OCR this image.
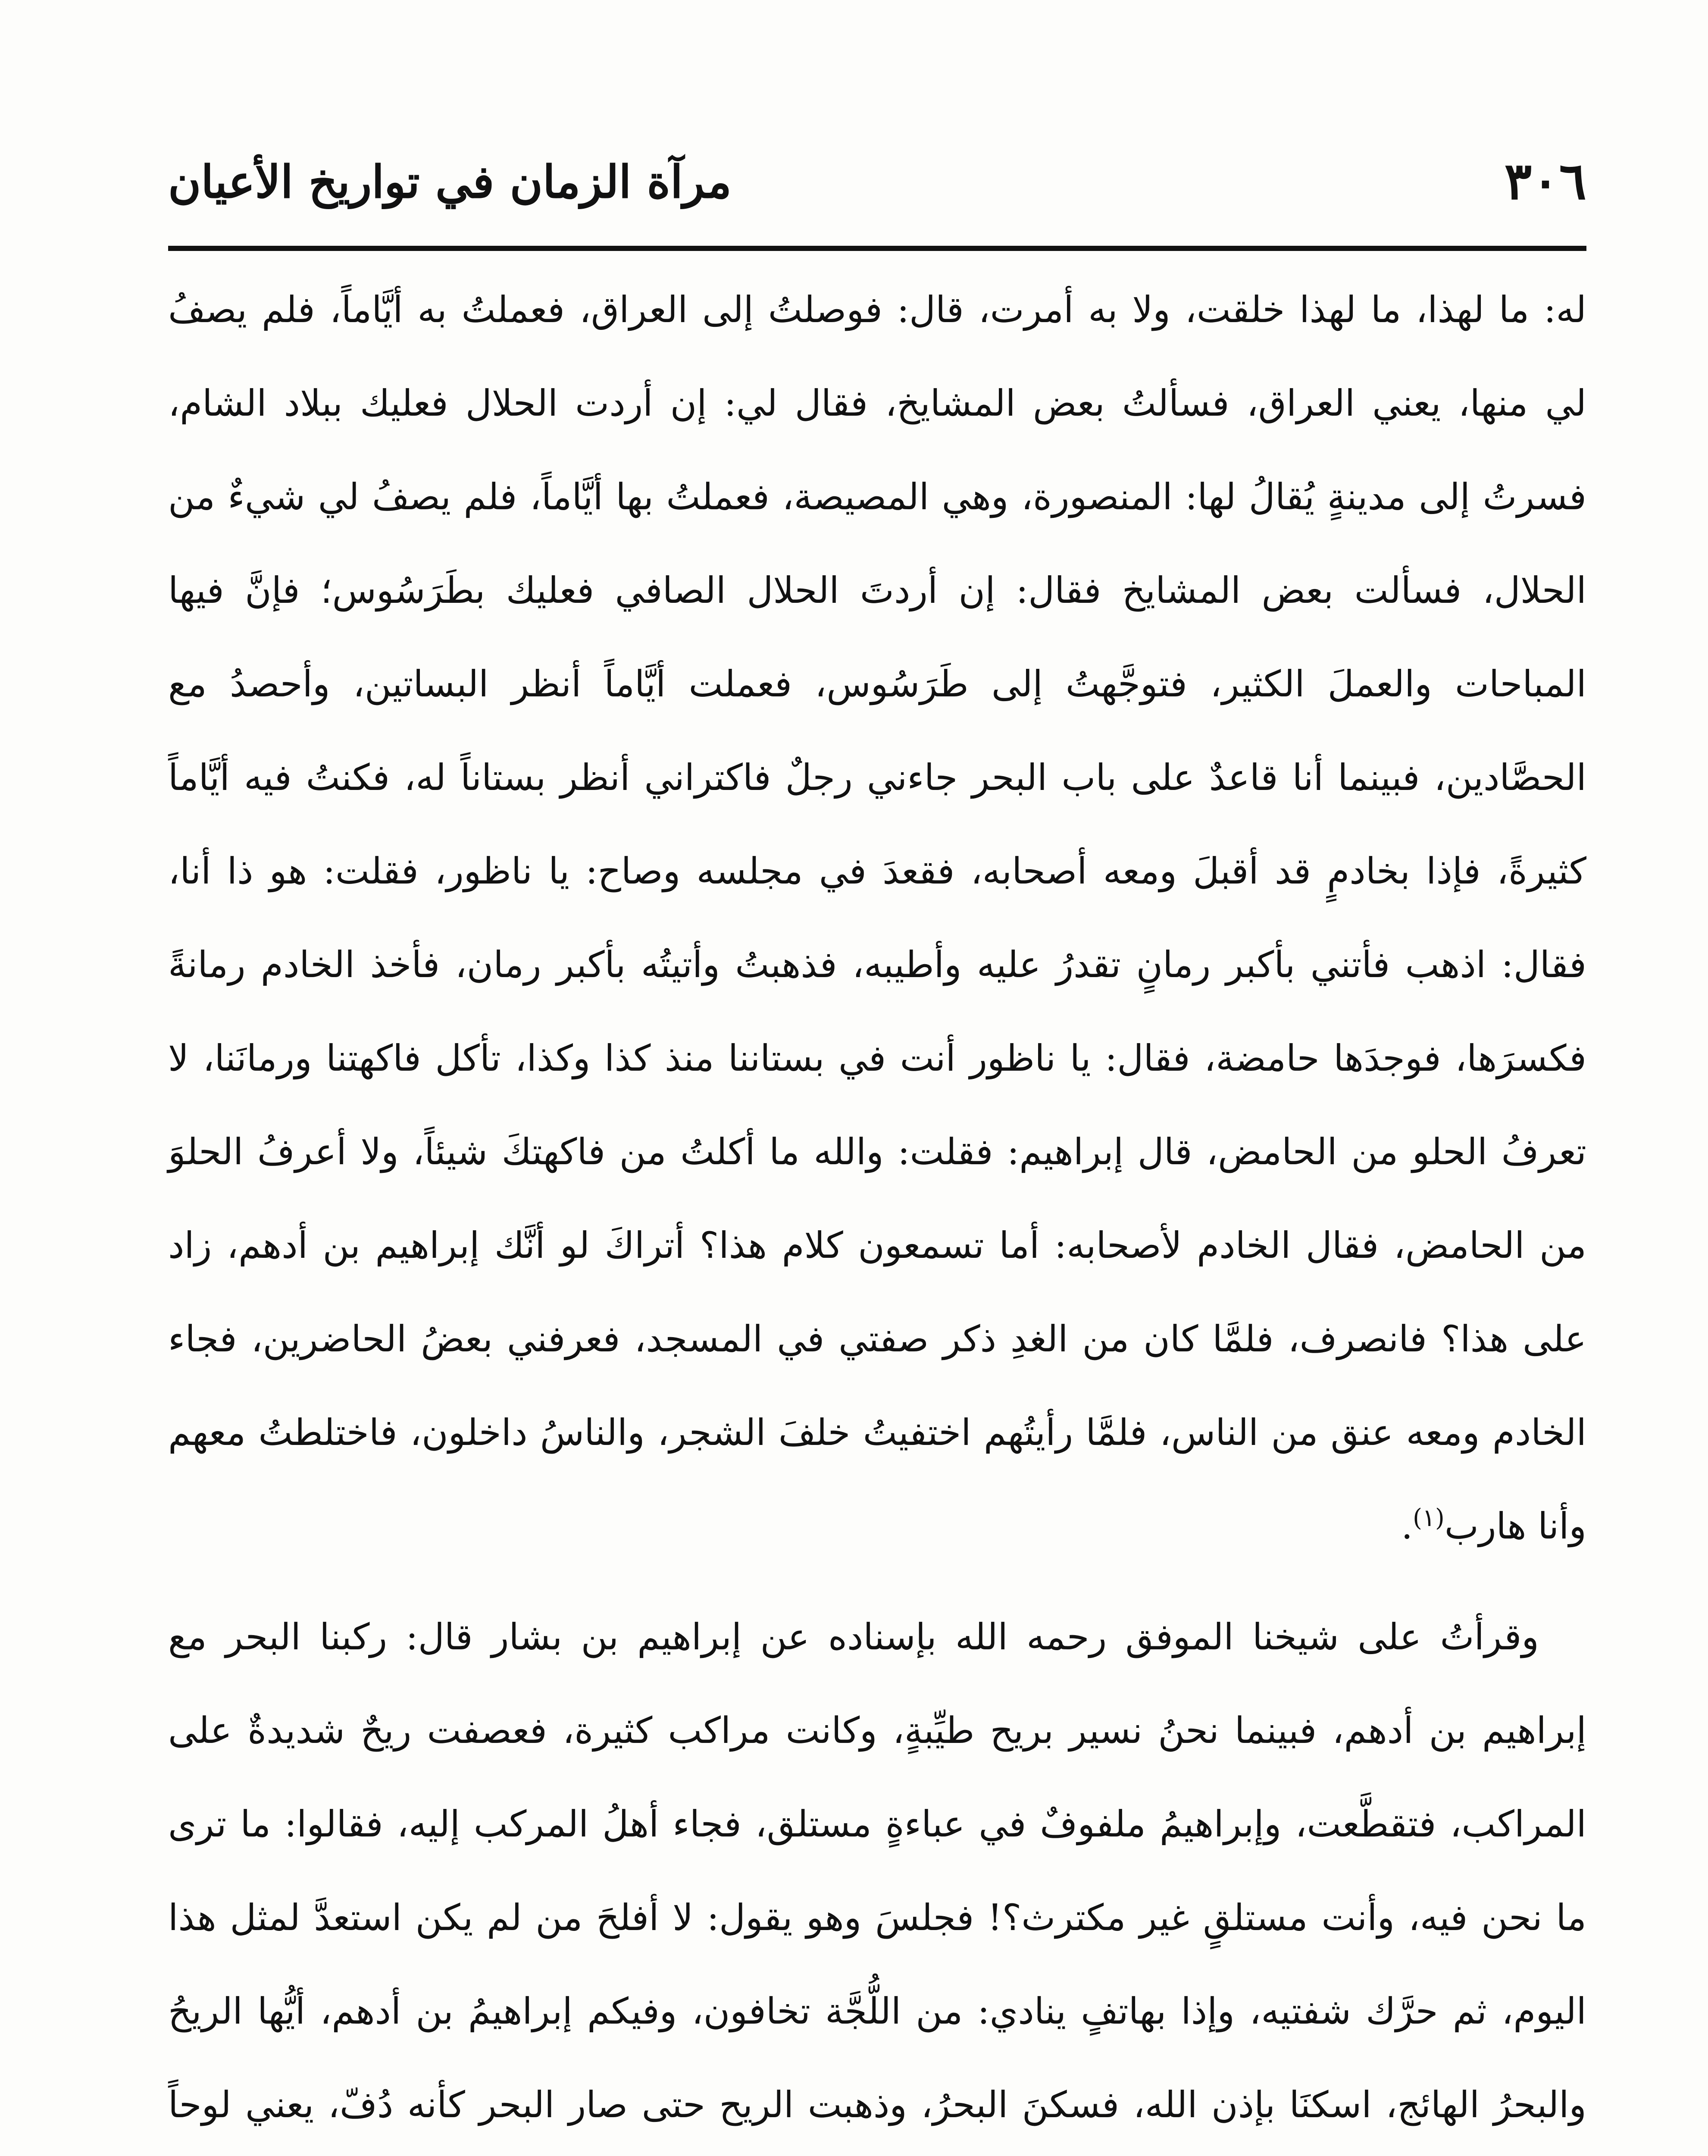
٣٠٦
مرآة الزمان في تواريخ الأعيان

له: ما لهذا، ما لهذا خلقت، ولا به أمرت، قال: فوصلتُ إلى العراق، فعملتُ به أيَّاماً، فلم يصفُ لي منها، يعني العراق، فسألتُ بعض المشايخ، فقال لي: إن أردت الحلال فعليك ببلاد الشام، فسرتُ إلى مدينةٍ يُقالُ لها: المنصورة، وهي المصيصة، فعملتُ بها أيَّاماً، فلم يصفُ لي شيءٌ من الحلال، فسألت بعض المشايخ فقال: إن أردتَ الحلال الصافي فعليك بطَرَسُوس؛ فإنَّ فيها المباحات والعملَ الكثير، فتوجَّهتُ إلى طَرَسُوس، فعملت أيَّاماً أنظر البساتين، وأحصدُ مع الحصَّادين، فبينما أنا قاعدٌ على باب البحر جاءني رجلٌ فاكتراني أنظر بستاناً له، فكنتُ فيه أيَّاماً كثيرةً، فإذا بخادمٍ قد أقبلَ ومعه أصحابه، فقعدَ في مجلسه وصاح: يا ناظور، فقلت: هو ذا أنا، فقال: اذهب فأتني بأكبر رمانٍ تقدرُ عليه وأطيبه، فذهبتُ وأتيتُه بأكبر رمان، فأخذ الخادم رمانةً فكسرَها، فوجدَها حامضة، فقال: يا ناظور أنت في بستاننا منذ كذا وكذا، تأكل فاكهتنا ورمانَنا، لا تعرفُ الحلو من الحامض، قال إبراهيم: فقلت: والله ما أكلتُ من فاكهتكَ شيئاً، ولا أعرفُ الحلوَ من الحامض، فقال الخادم لأصحابه: أما تسمعون كلام هذا؟ أتراكَ لو أنَّك إبراهيم بن أدهم، زاد على هذا؟ فانصرف، فلمَّا كان من الغدِ ذكر صفتي في المسجد، فعرفني بعضُ الحاضرين، فجاء الخادم ومعه عنق من الناس، فلمَّا رأيتُهم اختفيتُ خلفَ الشجر، والناسُ داخلون، فاختلطتُ معهم وأنا هارب$^{(١)}$.

وقرأتُ على شيخنا الموفق رحمه الله بإسناده عن إبراهيم بن بشار قال: ركبنا البحر مع إبراهيم بن أدهم، فبينما نحنُ نسير بريح طيِّبةٍ، وكانت مراكب كثيرة، فعصفت ريحٌ شديدةٌ على المراكب، فتقطَّعت، وإبراهيمُ ملفوفٌ في عباءةٍ مستلق، فجاء أهلُ المركب إليه، فقالوا: ما ترى ما نحن فيه، وأنت مستلقٍ غير مكترث؟! فجلسَ وهو يقول: لا أفلحَ من لم يكن استعدَّ لمثل هذا اليوم، ثم حرَّك شفتيه، وإذا بهاتفٍ ينادي: من اللُّجَّة تخافون، وفيكم إبراهيمُ بن أدهم، أيُّها الريحُ والبحرُ الهائج، اسكنَا بإذن الله، فسكنَ البحرُ، وذهبت الريح حتى صار البحر كأنه دُفّ، يعني لوحاً
